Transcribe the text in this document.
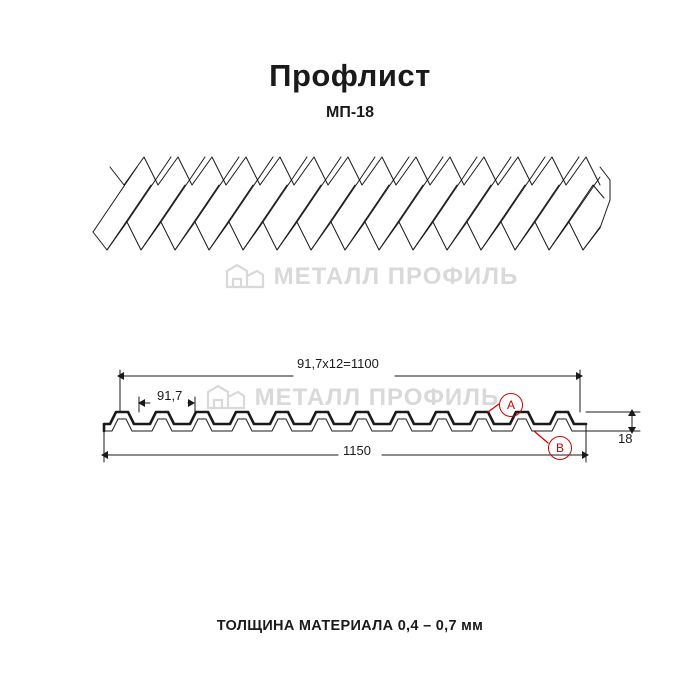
Профлист
МП-18
МЕТАЛЛ ПРОФИЛЬ
МЕТАЛЛ ПРОФИЛЬ
91,7х12=1100
91,7
1150
18
A
B
ТОЛЩИНА МАТЕРИАЛА 0,4 – 0,7 мм
